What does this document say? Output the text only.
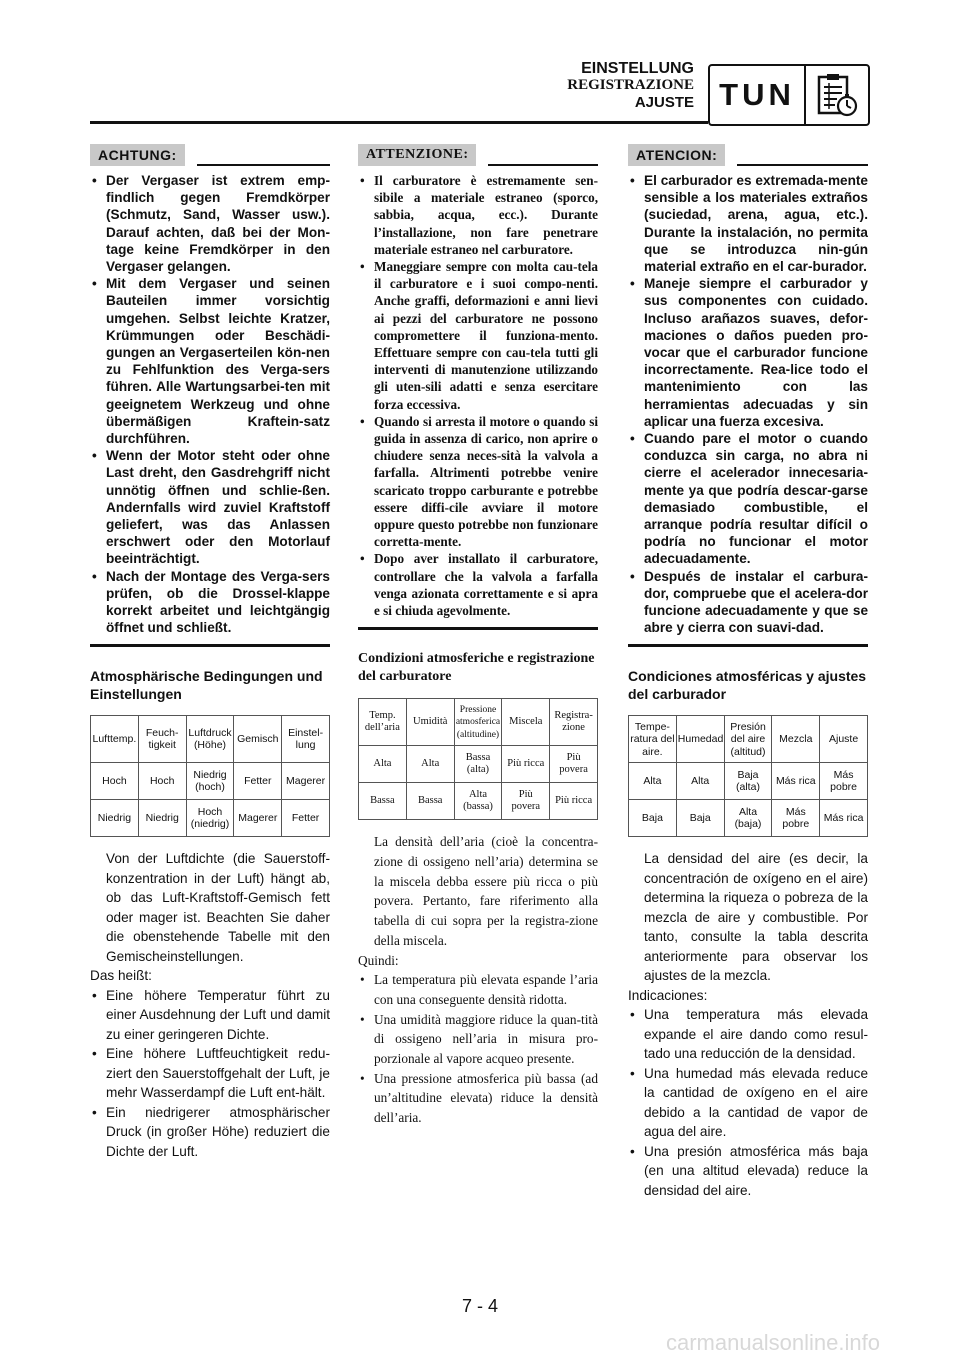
EINSTELLUNG
REGISTRAZIONE
AJUSTE TUN
ACHTUNG:
• Der Vergaser ist extrem emp-findlich gegen Fremdkörper (Schmutz, Sand, Wasser usw.). Darauf achten, daß bei der Mon-tage keine Fremdkörper in den Vergaser gelangen.
• Mit dem Vergaser und seinen Bauteilen immer vorsichtig umgehen. Selbst leichte Kratzer, Krümmungen oder Beschädi-gungen an Vergaserteilen kön-nen zu Fehlfunktion des Verga-sers führen. Alle Wartungsarbei-ten mit geeignetem Werkzeug und ohne übermäßigen Kraftein-satz durchführen.
• Wenn der Motor steht oder ohne Last dreht, den Gasdrehgriff nicht unnötig öffnen und schlie-ßen. Andernfalls wird zuviel Kraftstoff geliefert, was das Anlassen erschwert oder den Motorlauf beeinträchtigt.
• Nach der Montage des Verga-sers prüfen, ob die Drossel-klappe korrekt arbeitet und leichtgängig öffnet und schließt.
Atmosphärische Bedingungen und Einstellungen
Lufttemp.	Feuch-tigkeit	Luftdruck (Höhe)	Gemisch	Einstel-lung
Hoch	Hoch	Niedrig (hoch)	Fetter	Magerer
Niedrig	Niedrig	Hoch (niedrig)	Magerer	Fetter

Von der Luftdichte (die Sauerstoff-konzentration in der Luft) hängt ab, ob das Luft-Kraftstoff-Gemisch fett oder mager ist. Beachten Sie daher die obenstehende Tabelle mit den Gemischeinstellungen.

Das heißt:

• Eine höhere Temperatur führt zu einer Ausdehnung der Luft und damit zu einer geringeren Dichte.
• Eine höhere Luftfeuchtigkeit redu-ziert den Sauerstoffgehalt der Luft, je mehr Wasserdampf die Luft ent-hält.
• Ein niedrigerer atmosphärischer Druck (in großer Höhe) reduziert die Dichte der Luft.
ATTENZIONE:
• Il carburatore è estremamente sen-sibile a materiale estraneo (sporco, sabbia, acqua, ecc.). Durante l’installazione, non fare penetrare materiale estraneo nel carburatore.
• Maneggiare sempre con molta cau-tela il carburatore e i suoi compo-nenti. Anche graffi, deformazioni e anni lievi ai pezzi del carburatore ne possono compromettere il funziona-mento. Effettuare sempre con cau-tela tutti gli interventi di manutenzione utilizzando gli uten-sili adatti e senza esercitare forza eccessiva.
• Quando si arresta il motore o quando si guida in assenza di carico, non aprire o chiudere senza neces-sità la valvola a farfalla. Altrimenti potrebbe venire scaricato troppo carburante e potrebbe essere diffi-cile avviare il motore oppure questo potrebbe non funzionare corretta-mente.
• Dopo aver installato il carburatore, controllare che la valvola a farfalla venga azionata correttamente e si apra e si chiuda agevolmente.
Condizioni atmosferiche e registrazione del carburatore
Temp. dell’aria	Umidità	Pressione atmosferica (altitudine)	Miscela	Registra-zione
Alta	Alta	Bassa (alta)	Più ricca	Più povera
Bassa	Bassa	Alta (bassa)	Più povera	Più ricca

La densità dell’aria (cioè la concentra-zione di ossigeno nell’aria) determina se la miscela debba essere più ricca o più povera. Pertanto, fare riferimento alla tabella di cui sopra per la registra-zione della miscela.

Quindi:

• La temperatura più elevata espande l’aria con una conseguente densità ridotta.
• Una umidità maggiore riduce la quan-tità di ossigeno nell’aria in misura pro-porzionale al vapore acqueo presente.
• Una pressione atmosferica più bassa (ad un’altitudine elevata) riduce la densità dell’aria.
ATENCION:
• El carburador es extremada-mente sensible a los materiales extraños (suciedad, arena, agua, etc.). Durante la instalación, no permita que se introduzca nin-gún material extraño en el car-burador.
• Maneje siempre el carburador y sus componentes con cuidado. Incluso arañazos suaves, defor-maciones o daños pueden pro-vocar que el carburador funcione incorrectamente. Rea-lice todo el mantenimiento con las herramientas adecuadas y sin aplicar una fuerza excesiva.
• Cuando pare el motor o cuando conduzca sin carga, no abra ni cierre el acelerador innecesaria-mente ya que podría descar-garse demasiado combustible, el arranque podría resultar difícil o podría no funcionar el motor adecuadamente.
• Después de instalar el carbura-dor, compruebe que el acelera-dor funcione adecuadamente y que se abre y cierra con suavi-dad.
Condiciones atmosféricas y ajustes del carburador
Tempe-ratura del aire.	Humedad	Presión del aire (altitud)	Mezcla	Ajuste
Alta	Alta	Baja (alta)	Más rica	Más pobre
Baja	Baja	Alta (baja)	Más pobre	Más rica

La densidad del aire (es decir, la concentración de oxígeno en el aire) determina la riqueza o pobreza de la mezcla de aire y combustible. Por tanto, consulte la tabla descrita anteriormente para observar los ajustes de la mezcla.

Indicaciones:

• Una temperatura más elevada expande el aire dando como resul-tado una reducción de la densidad.
• Una humedad más elevada reduce la cantidad de oxígeno en el aire debido a la cantidad de vapor de agua del aire.
• Una presión atmosférica más baja (en una altitud elevada) reduce la densidad del aire.
7 - 4
carmanualsonline.info
